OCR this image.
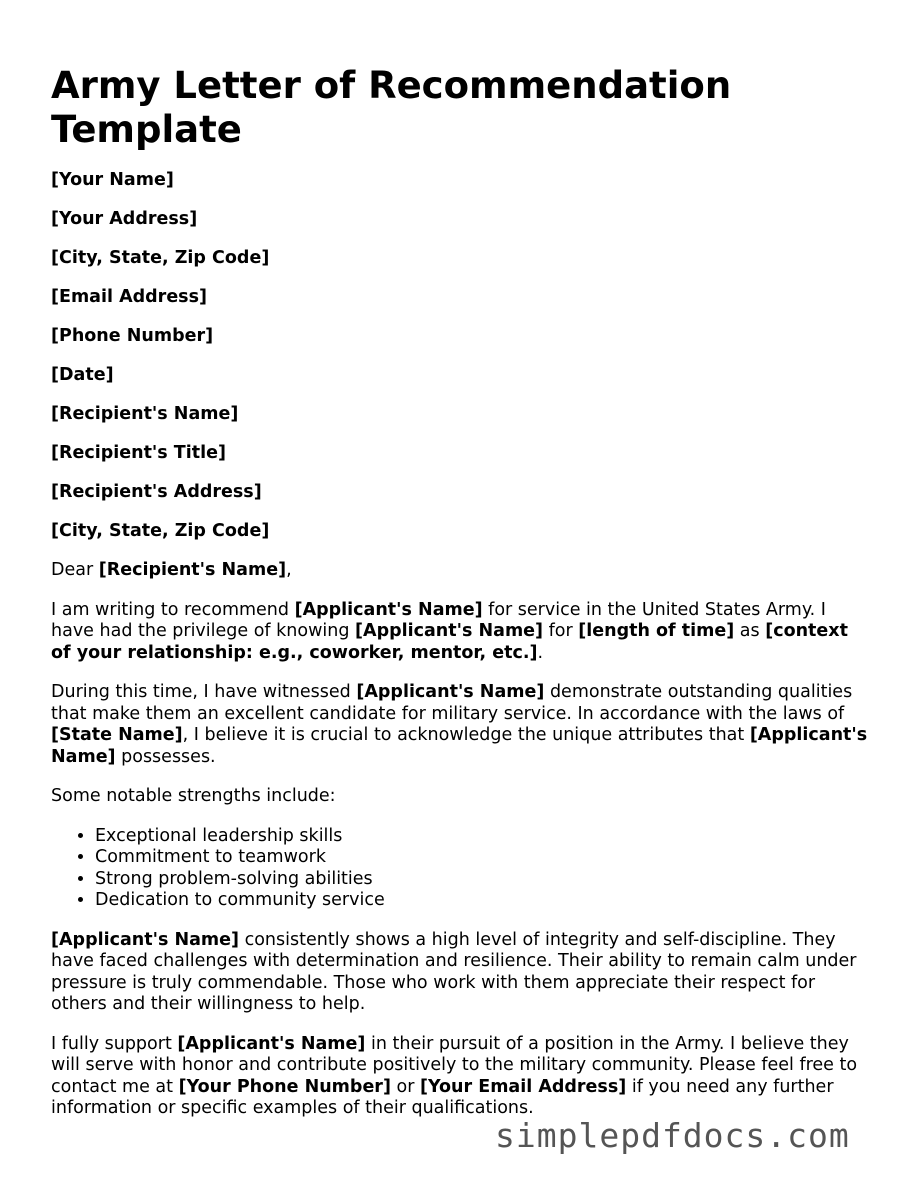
Army Letter of Recommendation
Template
[Your Name]
[Your Address]
[City, State, Zip Code]
[Email Address]
[Phone Number]
[Date]
[Recipient's Name]
[Recipient's Title]
[Recipient's Address]
[City, State, Zip Code]

Dear [Recipient's Name],

I am writing to recommend [Applicant's Name] for service in the United States Army. I have had the privilege of knowing [Applicant's Name] for [length of time] as [context of your relationship: e.g., coworker, mentor, etc.].

During this time, I have witnessed [Applicant's Name] demonstrate outstanding qualities that make them an excellent candidate for military service. In accordance with the laws of [State Name], I believe it is crucial to acknowledge the unique attributes that [Applicant's Name] possesses.

Some notable strengths include:

• Exceptional leadership skills
• Commitment to teamwork
• Strong problem-solving abilities
• Dedication to community service

[Applicant's Name] consistently shows a high level of integrity and self-discipline. They have faced challenges with determination and resilience. Their ability to remain calm under pressure is truly commendable. Those who work with them appreciate their respect for others and their willingness to help.

I fully support [Applicant's Name] in their pursuit of a position in the Army. I believe they will serve with honor and contribute positively to the military community. Please feel free to contact me at [Your Phone Number] or [Your Email Address] if you need any further information or specific examples of their qualifications.

simplepdfdocs.com
